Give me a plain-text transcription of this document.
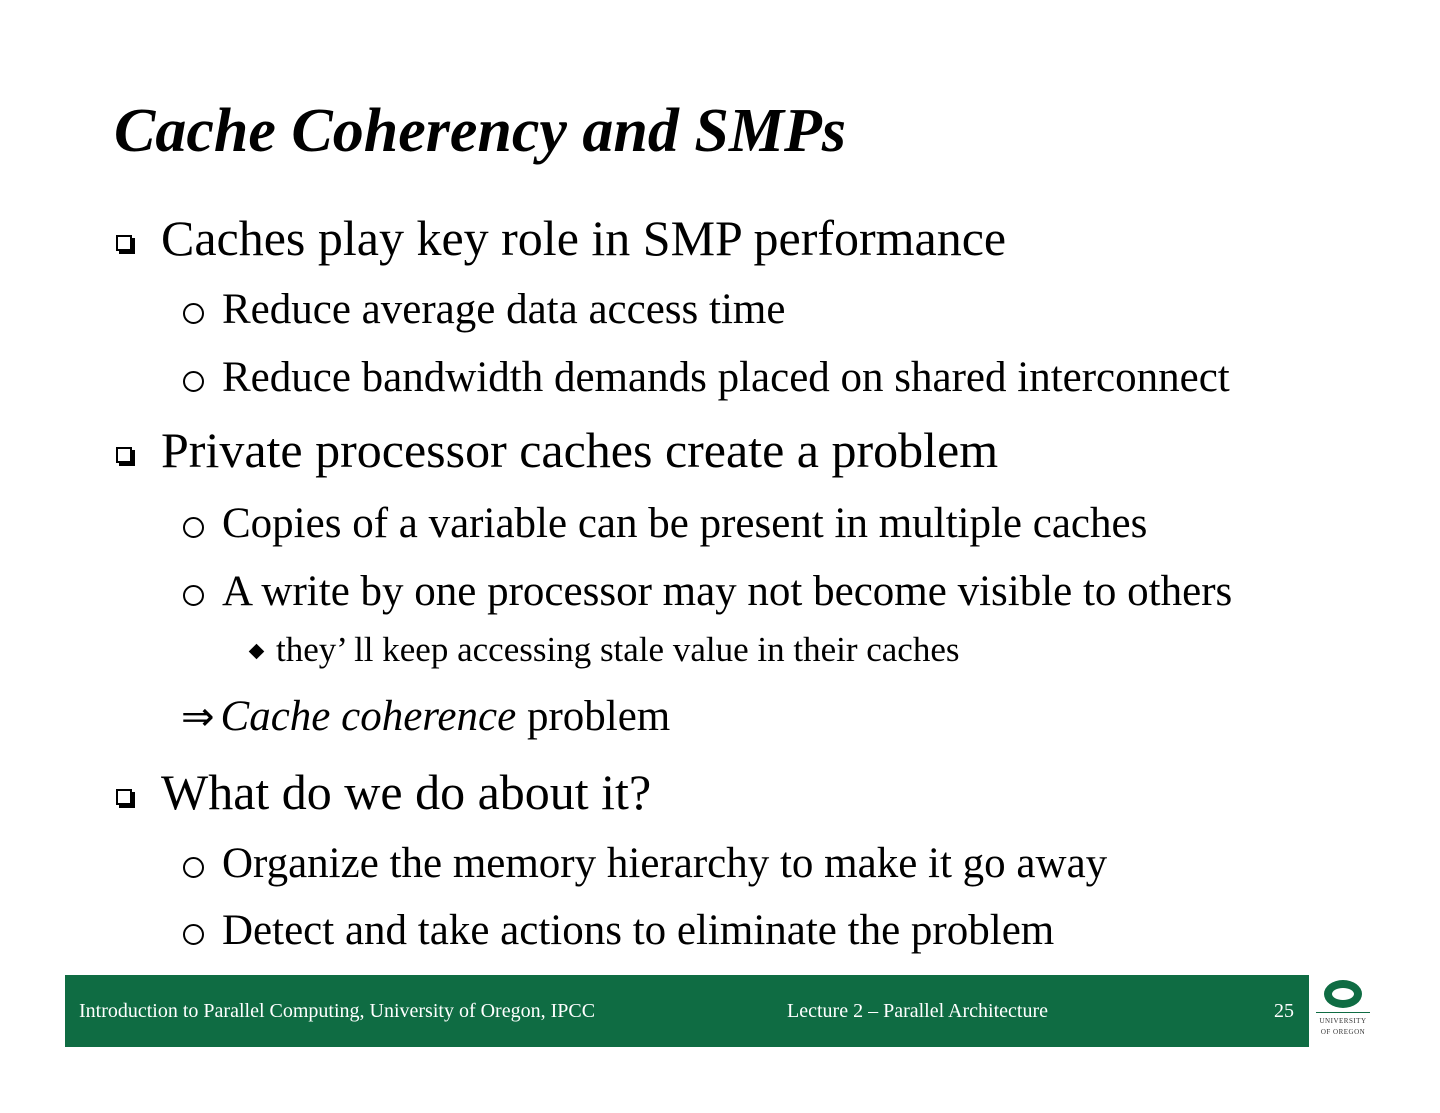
Cache Coherency and SMPs
Caches play key role in SMP performance
Reduce average data access time
Reduce bandwidth demands placed on shared interconnect
Private processor caches create a problem
Copies of a variable can be present in multiple caches
A write by one processor may not become visible to others
they’ ll keep accessing stale value in their caches
⇒ Cache coherence problem
What do we do about it?
Organize the memory hierarchy to make it go away
Detect and take actions to eliminate the problem
Introduction to Parallel Computing, University of Oregon, IPCC	Lecture 2 – Parallel Architecture	25	UNIVERSITY
OF OREGON
